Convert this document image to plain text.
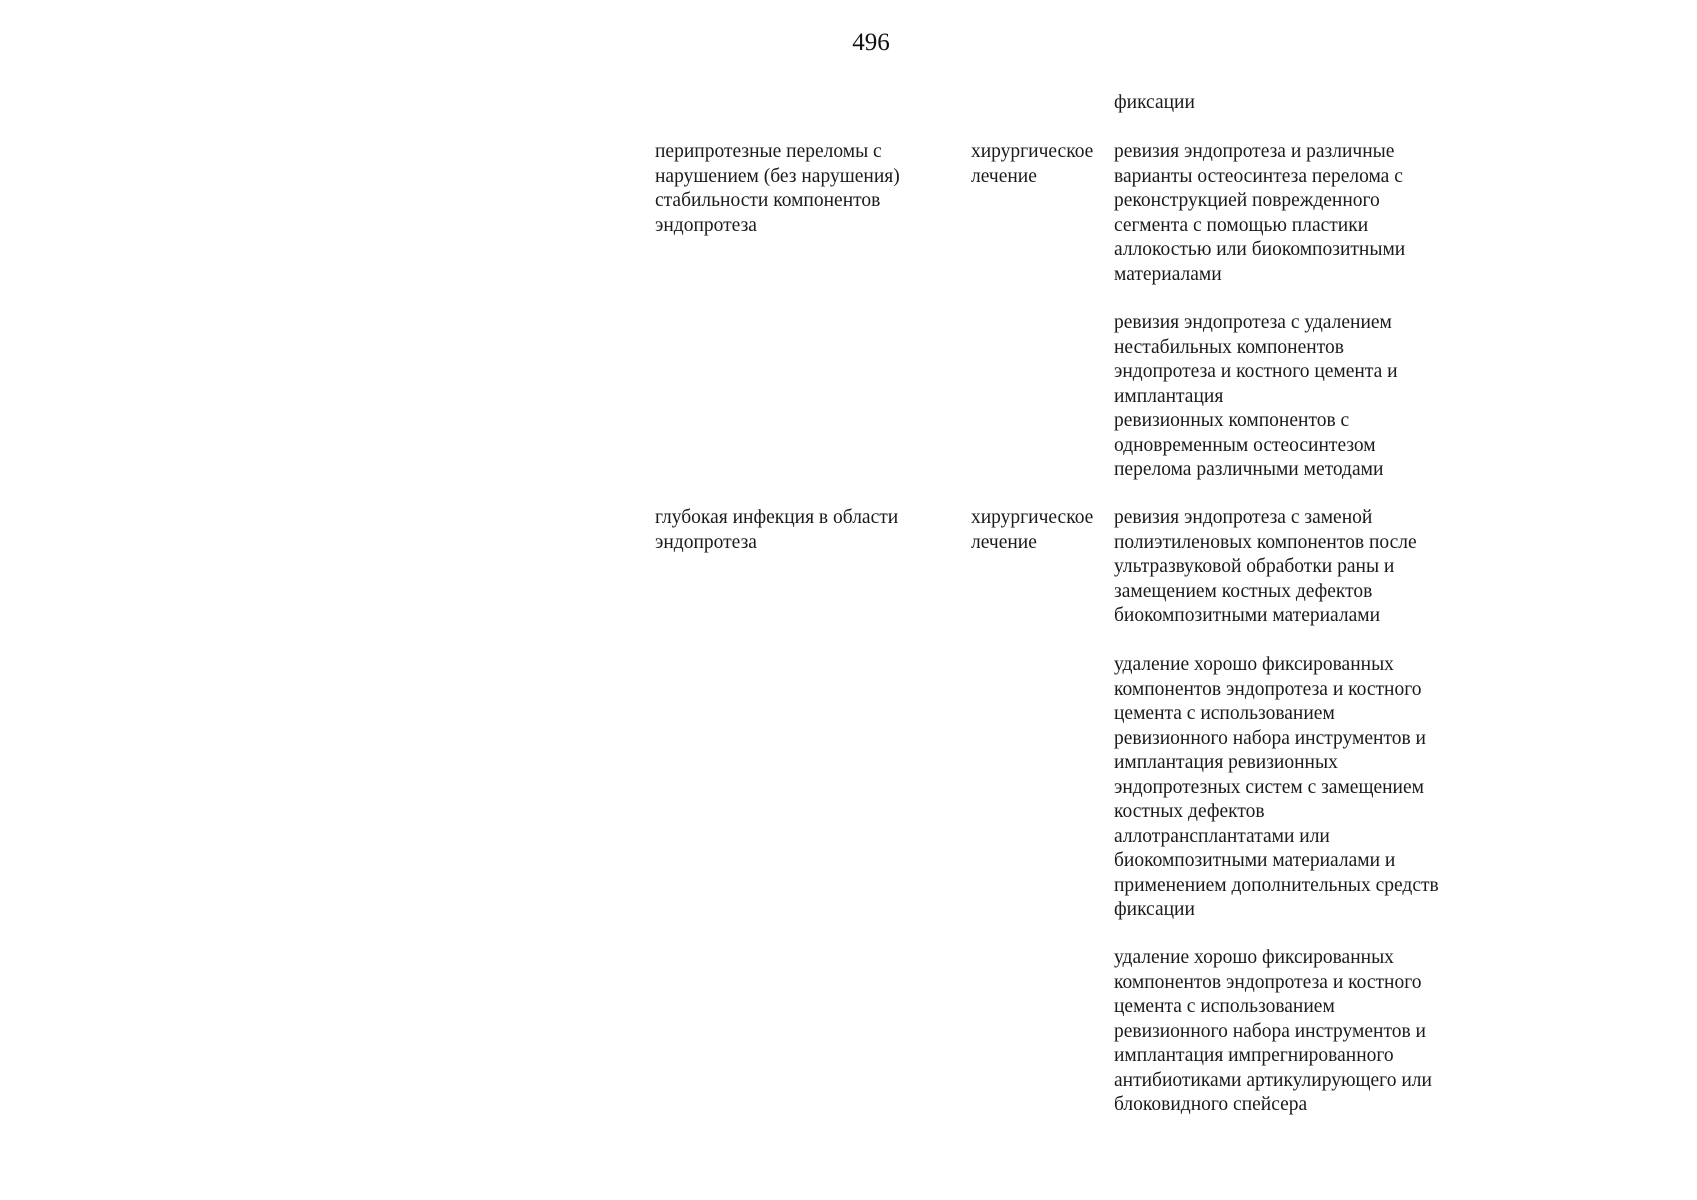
496
фиксации
перипротезные переломы с
нарушением (без нарушения)
стабильности компонентов
эндопротеза
хирургическое
лечение
ревизия эндопротеза и различные
варианты остеосинтеза перелома с
реконструкцией поврежденного
сегмента с помощью пластики
аллокостью или биокомпозитными
материалами
ревизия эндопротеза с удалением
нестабильных компонентов
эндопротеза и костного цемента и
имплантация
ревизионных компонентов с
одновременным остеосинтезом
перелома различными методами
глубокая инфекция в области
эндопротеза
хирургическое
лечение
ревизия эндопротеза с заменой
полиэтиленовых компонентов после
ультразвуковой обработки раны и
замещением костных дефектов
биокомпозитными материалами
удаление хорошо фиксированных
компонентов эндопротеза и костного
цемента с использованием
ревизионного набора инструментов и
имплантация ревизионных
эндопротезных систем с замещением
костных дефектов
аллотрансплантатами или
биокомпозитными материалами и
применением дополнительных средств
фиксации
удаление хорошо фиксированных
компонентов эндопротеза и костного
цемента с использованием
ревизионного набора инструментов и
имплантация импрегнированного
антибиотиками артикулирующего или
блоковидного спейсера
